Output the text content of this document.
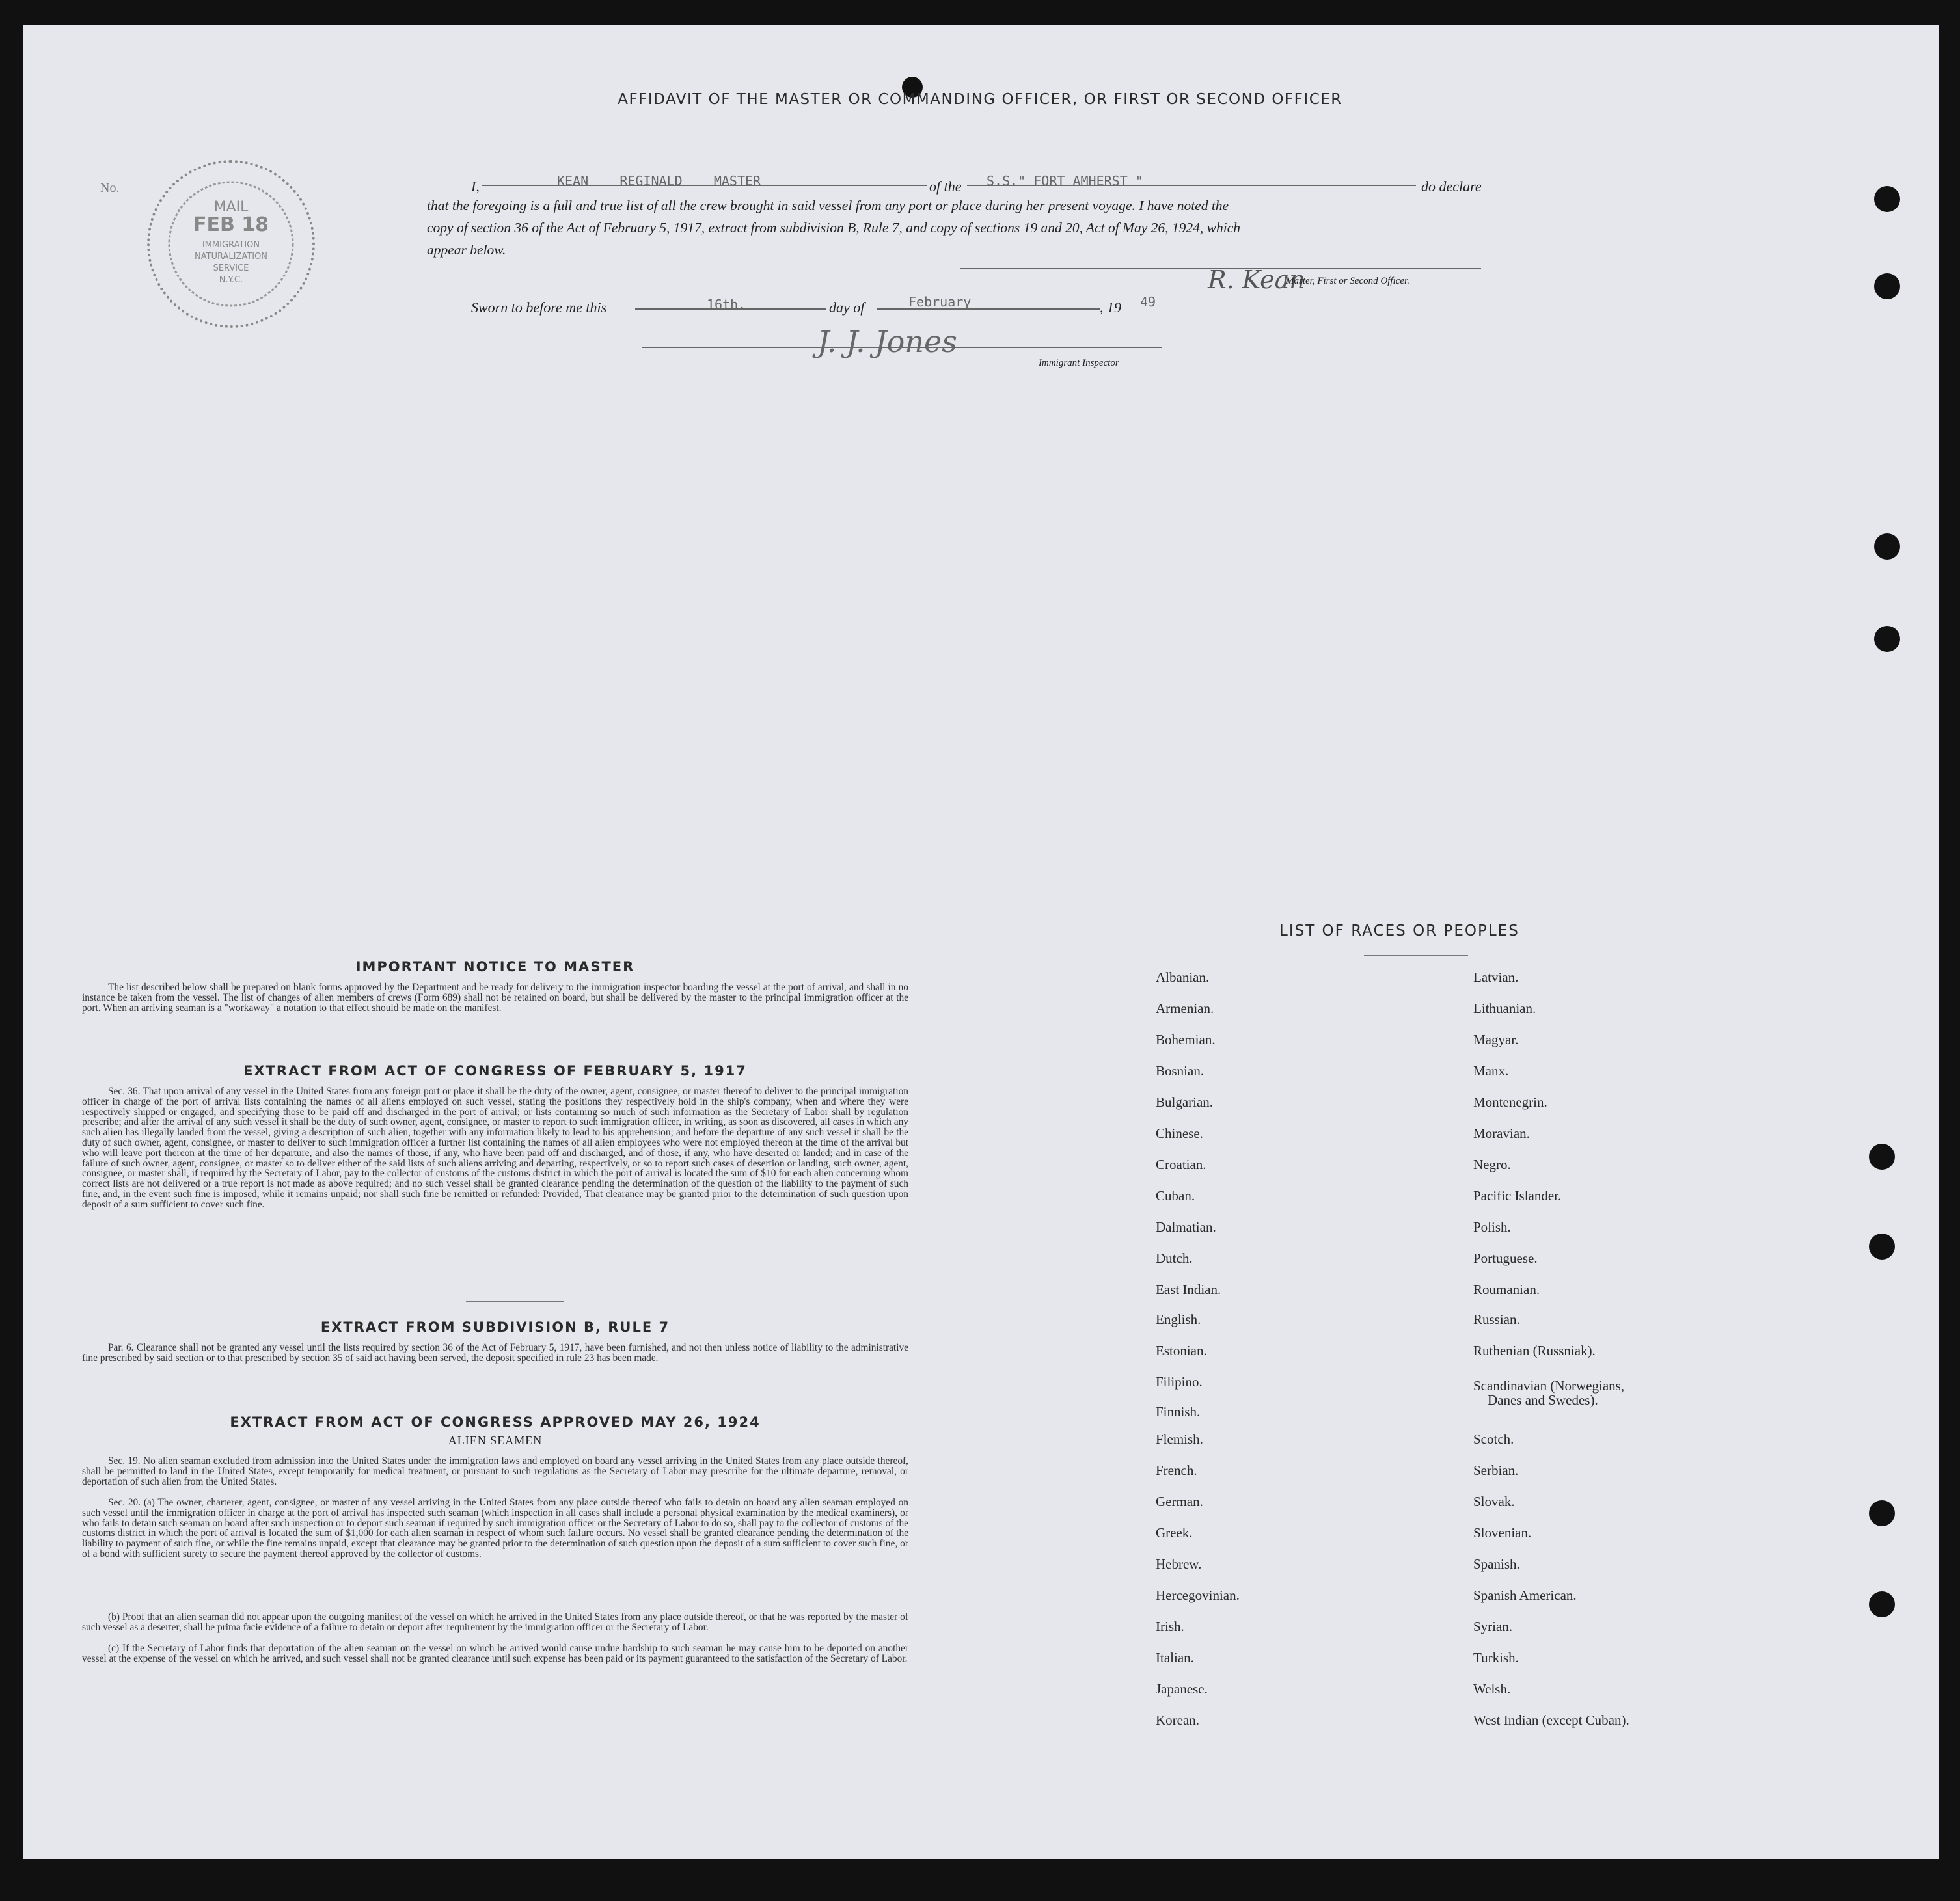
AFFIDAVIT OF THE MASTER OR COMMANDING OFFICER, OR FIRST OR SECOND OFFICER
MAIL
FEB 18
IMMIGRATION
NATURALIZATION
SERVICE
N.Y.C.
No.	I,	KEAN    REGINALD    MASTER	of the S.S." FORT AMHERST "	do declare
that the foregoing is a full and true list of all the crew brought in said vessel from any port or place during her present voyage. I have noted the
copy of section 36 of the Act of February 5, 1917, extract from subdivision B, Rule 7, and copy of sections 19 and 20, Act of May 26, 1924, which
appear below.
R. Kean
Master, First or Second Officer.
Sworn to before me this	16th.	day of	February	, 19 49
J. J. Jones
Immigrant Inspector
IMPORTANT NOTICE TO MASTER
The list described below shall be prepared on blank forms approved by the Department and be ready for delivery to the immigration inspector boarding the vessel at the port of arrival, and shall in no instance be taken from the vessel. The list of changes of alien members of crews (Form 689) shall not be retained on board, but shall be delivered by the master to the principal immigration officer at the port. When an arriving seaman is a "workaway" a notation to that effect should be made on the manifest.
EXTRACT FROM ACT OF CONGRESS OF FEBRUARY 5, 1917
Sec. 36. That upon arrival of any vessel in the United States from any foreign port or place it shall be the duty of the owner, agent, consignee, or master thereof to deliver to the principal immigration officer in charge of the port of arrival lists containing the names of all aliens employed on such vessel, stating the positions they respectively hold in the ship's company, when and where they were respectively shipped or engaged, and specifying those to be paid off and discharged in the port of arrival; or lists containing so much of such information as the Secretary of Labor shall by regulation prescribe; and after the arrival of any such vessel it shall be the duty of such owner, agent, consignee, or master to report to such immigration officer, in writing, as soon as discovered, all cases in which any such alien has illegally landed from the vessel, giving a description of such alien, together with any information likely to lead to his apprehension; and before the departure of any such vessel it shall be the duty of such owner, agent, consignee, or master to deliver to such immigration officer a further list containing the names of all alien employees who were not employed thereon at the time of the arrival but who will leave port thereon at the time of her departure, and also the names of those, if any, who have been paid off and discharged, and of those, if any, who have deserted or landed; and in case of the failure of such owner, agent, consignee, or master so to deliver either of the said lists of such aliens arriving and departing, respectively, or so to report such cases of desertion or landing, such owner, agent, consignee, or master shall, if required by the Secretary of Labor, pay to the collector of customs of the customs district in which the port of arrival is located the sum of $10 for each alien concerning whom correct lists are not delivered or a true report is not made as above required; and no such vessel shall be granted clearance pending the determination of the question of the liability to the payment of such fine, and, in the event such fine is imposed, while it remains unpaid; nor shall such fine be remitted or refunded: Provided, That clearance may be granted prior to the determination of such question upon deposit of a sum sufficient to cover such fine.
EXTRACT FROM SUBDIVISION B, RULE 7
Par. 6. Clearance shall not be granted any vessel until the lists required by section 36 of the Act of February 5, 1917, have been furnished, and not then unless notice of liability to the administrative fine prescribed by said section or to that prescribed by section 35 of said act having been served, the deposit specified in rule 23 has been made.
EXTRACT FROM ACT OF CONGRESS APPROVED MAY 26, 1924
ALIEN SEAMEN
Sec. 19. No alien seaman excluded from admission into the United States under the immigration laws and employed on board any vessel arriving in the United States from any place outside thereof, shall be permitted to land in the United States, except temporarily for medical treatment, or pursuant to such regulations as the Secretary of Labor may prescribe for the ultimate departure, removal, or deportation of such alien from the United States.
Sec. 20. (a) The owner, charterer, agent, consignee, or master of any vessel arriving in the United States from any place outside thereof who fails to detain on board any alien seaman employed on such vessel until the immigration officer in charge at the port of arrival has inspected such seaman (which inspection in all cases shall include a personal physical examination by the medical examiners), or who fails to detain such seaman on board after such inspection or to deport such seaman if required by such immigration officer or the Secretary of Labor to do so, shall pay to the collector of customs of the customs district in which the port of arrival is located the sum of $1,000 for each alien seaman in respect of whom such failure occurs. No vessel shall be granted clearance pending the determination of the liability to payment of such fine, or while the fine remains unpaid, except that clearance may be granted prior to the determination of such question upon the deposit of a sum sufficient to cover such fine, or of a bond with sufficient surety to secure the payment thereof approved by the collector of customs.
(b) Proof that an alien seaman did not appear upon the outgoing manifest of the vessel on which he arrived in the United States from any place outside thereof, or that he was reported by the master of such vessel as a deserter, shall be prima facie evidence of a failure to detain or deport after requirement by the immigration officer or the Secretary of Labor.
(c) If the Secretary of Labor finds that deportation of the alien seaman on the vessel on which he arrived would cause undue hardship to such seaman he may cause him to be deported on another vessel at the expense of the vessel on which he arrived, and such vessel shall not be granted clearance until such expense has been paid or its payment guaranteed to the satisfaction of the Secretary of Labor.
LIST OF RACES OR PEOPLES
Albanian.
Armenian.
Bohemian.
Bosnian.
Bulgarian.
Chinese.
Croatian.
Cuban.
Dalmatian.
Dutch.
East Indian.
English.
Estonian.
Filipino.
Finnish.
Flemish.
French.
German.
Greek.
Hebrew.
Hercegovinian.
Irish.
Italian.
Japanese.
Korean.
Latvian.
Lithuanian.
Magyar.
Manx.
Montenegrin.
Moravian.
Negro.
Pacific Islander.
Polish.
Portuguese.
Roumanian.
Russian.
Ruthenian (Russniak).
Scandinavian (Norwegians,
Danes and Swedes).
Scotch.
Serbian.
Slovak.
Slovenian.
Spanish.
Spanish American.
Syrian.
Turkish.
Welsh.
West Indian (except Cuban).
